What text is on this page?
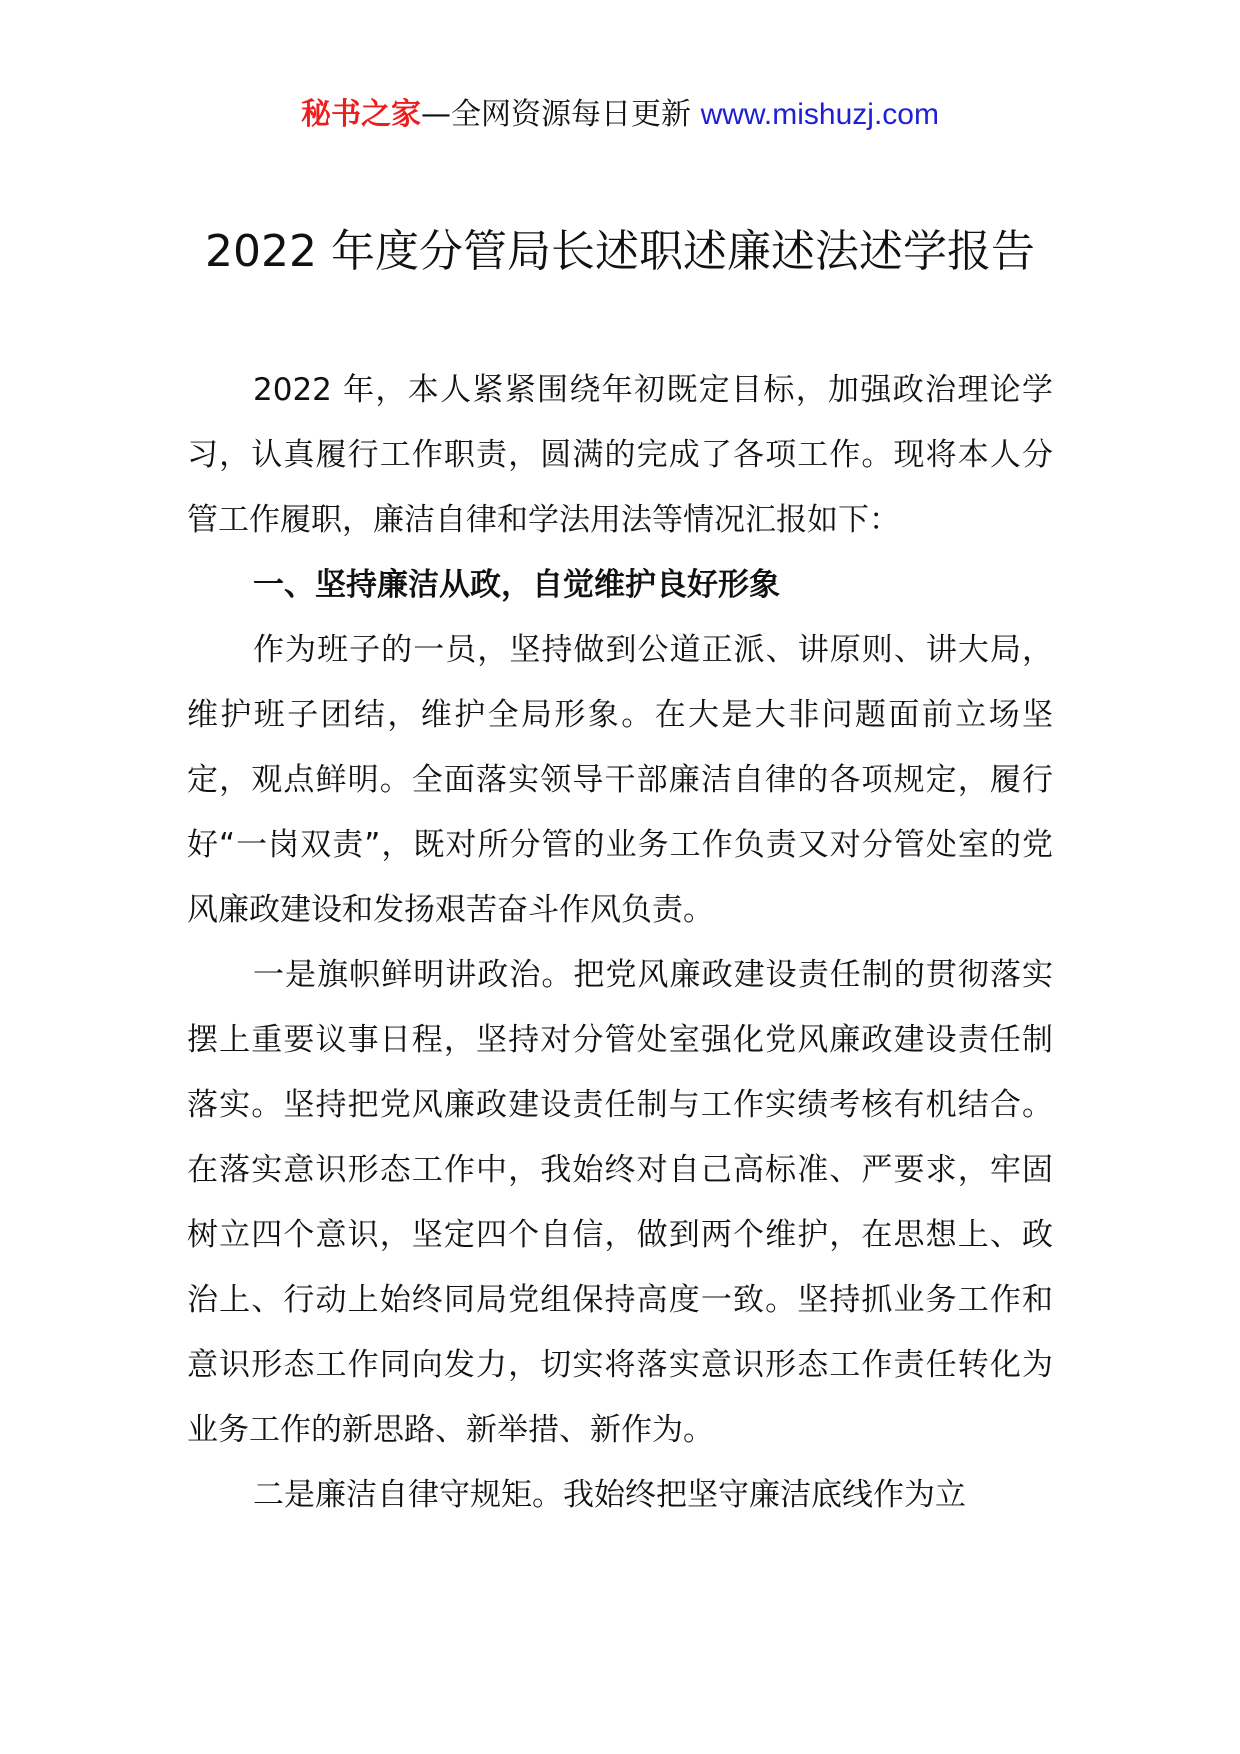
秘书之家—全网资源每日更新 www.mishuzj.com
2022 年度分管局长述职述廉述法述学报告

2022 年，本人紧紧围绕年初既定目标，加强政治理论学习，认真履行工作职责，圆满的完成了各项工作。现将本人分管工作履职，廉洁自律和学法用法等情况汇报如下：

一、坚持廉洁从政，自觉维护良好形象

作为班子的一员，坚持做到公道正派、讲原则、讲大局，维护班子团结，维护全局形象。在大是大非问题面前立场坚定，观点鲜明。全面落实领导干部廉洁自律的各项规定，履行好“一岗双责”，既对所分管的业务工作负责又对分管处室的党风廉政建设和发扬艰苦奋斗作风负责。

一是旗帜鲜明讲政治。把党风廉政建设责任制的贯彻落实摆上重要议事日程，坚持对分管处室强化党风廉政建设责任制落实。坚持把党风廉政建设责任制与工作实绩考核有机结合。在落实意识形态工作中，我始终对自己高标准、严要求，牢固树立四个意识，坚定四个自信，做到两个维护，在思想上、政治上、行动上始终同局党组保持高度一致。坚持抓业务工作和意识形态工作同向发力，切实将落实意识形态工作责任转化为业务工作的新思路、新举措、新作为。

二是廉洁自律守规矩。我始终把坚守廉洁底线作为立
